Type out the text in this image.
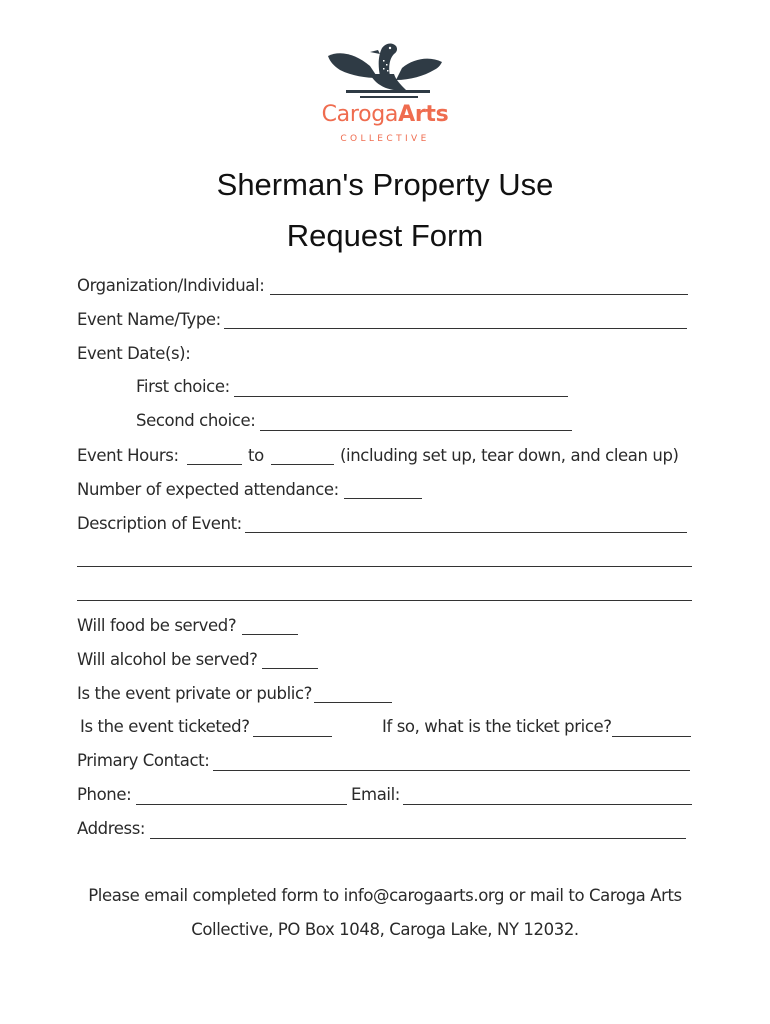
CarogaArts
COLLECTIVE
Sherman's Property Use
Request Form
Organization/Individual:
Event Name/Type:
Event Date(s):
First choice:
Second choice:
Event Hours:	to	(including set up, tear down, and clean up)
Number of expected attendance:
Description of Event:
Will food be served?
Will alcohol be served?
Is the event private or public?
Is the event ticketed?	If so, what is the ticket price?
Primary Contact:
Phone:	Email:
Address:
Please email completed form to info@carogaarts.org or mail to Caroga Arts
Collective, PO Box 1048, Caroga Lake, NY 12032.
